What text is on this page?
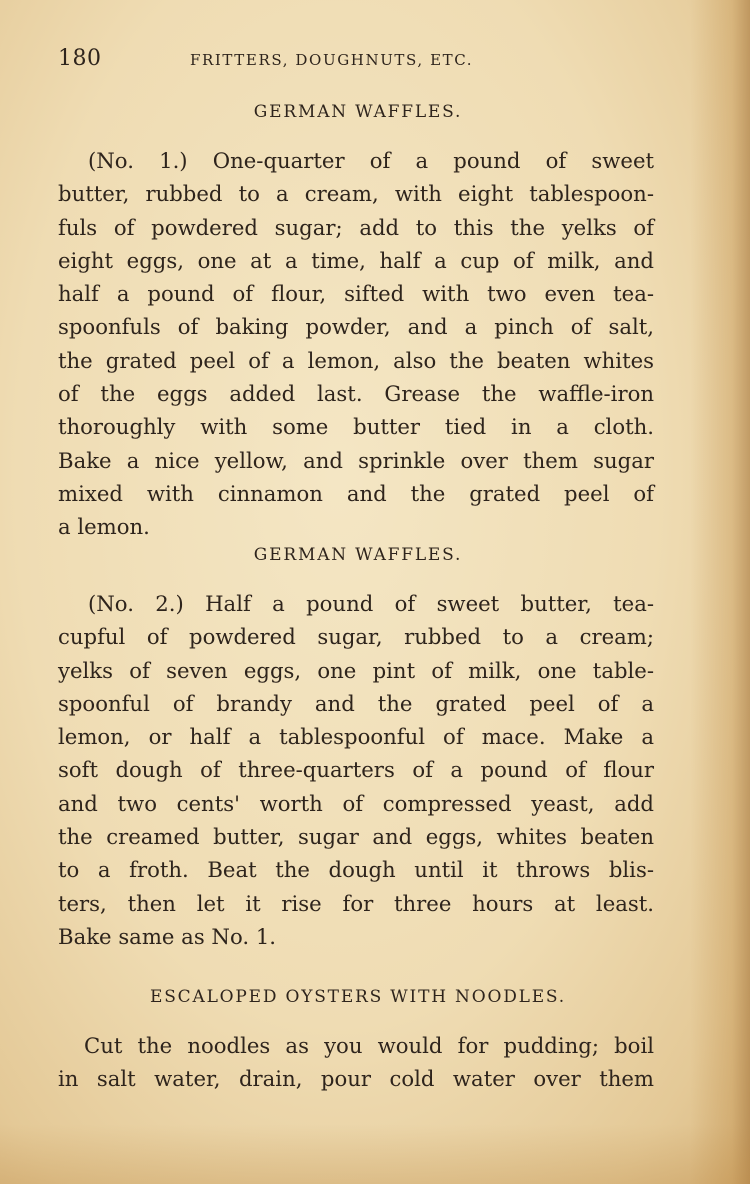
180	FRITTERS, DOUGHNUTS, ETC.
GERMAN WAFFLES.
(No. 1.) One-quarter of a pound of sweet
butter, rubbed to a cream, with eight tablespoon-
fuls of powdered sugar; add to this the yelks of
eight eggs, one at a time, half a cup of milk, and
half a pound of flour, sifted with two even tea-
spoonfuls of baking powder, and a pinch of salt,
the grated peel of a lemon, also the beaten whites
of the eggs added last. Grease the waffle-iron
thoroughly with some butter tied in a cloth.
Bake a nice yellow, and sprinkle over them sugar
mixed with cinnamon and the grated peel of
a lemon.
GERMAN WAFFLES.
(No. 2.) Half a pound of sweet butter, tea-
cupful of powdered sugar, rubbed to a cream;
yelks of seven eggs, one pint of milk, one table-
spoonful of brandy and the grated peel of a
lemon, or half a tablespoonful of mace. Make a
soft dough of three-quarters of a pound of flour
and two cents' worth of compressed yeast, add
the creamed butter, sugar and eggs, whites beaten
to a froth. Beat the dough until it throws blis-
ters, then let it rise for three hours at least.
Bake same as No. 1.
ESCALOPED OYSTERS WITH NOODLES.
Cut the noodles as you would for pudding; boil
in salt water, drain, pour cold water over them
